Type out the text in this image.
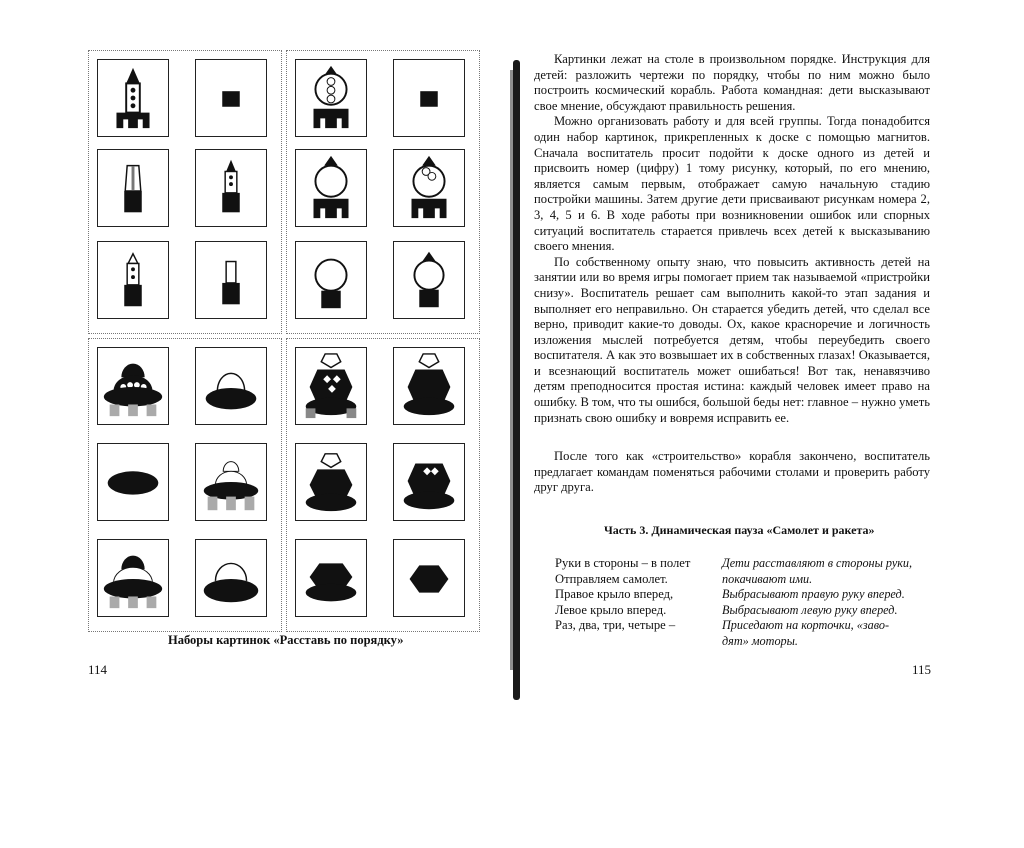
Наборы картинок «Расставь по порядку»
114

Картинки лежат на столе в произвольном порядке. Инструкция для детей: разложить чертежи по порядку, чтобы по ним можно было построить космический корабль. Работа командная: дети высказывают свое мнение, обсуждают правильность решения.

Можно организовать работу и для всей группы. Тогда понадобится один набор картинок, прикрепленных к доске с помощью магнитов. Сначала воспитатель просит подойти к доске одного из детей и присвоить номер (цифру) 1 тому рисунку, который, по его мнению, является самым первым, отображает самую начальную стадию постройки машины. Затем другие дети присваивают рисункам номера 2, 3, 4, 5 и 6. В ходе работы при возникновении ошибок или спорных ситуаций воспитатель старается привлечь всех детей к высказыванию своего мнения.

По собственному опыту знаю, что повысить активность детей на занятии или во время игры помогает прием так называемой «пристройки снизу». Воспитатель решает сам выполнить какой-то этап задания и выполняет его неправильно. Он старается убедить детей, что сделал все верно, приводит какие-то доводы. Ох, какое красноречие и логичность изложения мыслей потребуется детям, чтобы переубедить своего воспитателя. А как это возвышает их в собственных глазах! Оказывается, и всезнающий воспитатель может ошибаться! Вот так, ненавязчиво детям преподносится простая истина: каждый человек имеет право на ошибку. В том, что ты ошибся, большой беды нет: главное – нужно уметь признать свою ошибку и вовремя исправить ее.

После того как «строительство» корабля закончено, воспитатель предлагает командам поменяться рабочими столами и проверить работу друг друга.

Часть 3. Динамическая пауза «Самолет и ракета»
Руки в стороны – в полет
Отправляем самолет.
Правое крыло вперед,
Левое крыло вперед.
Раз, два, три, четыре –
Дети расставляют в стороны руки,
покачивают ими.
Выбрасывают правую руку вперед.
Выбрасывают левую руку вперед.
Приседают на корточки, «заво-
дят» моторы.
115
